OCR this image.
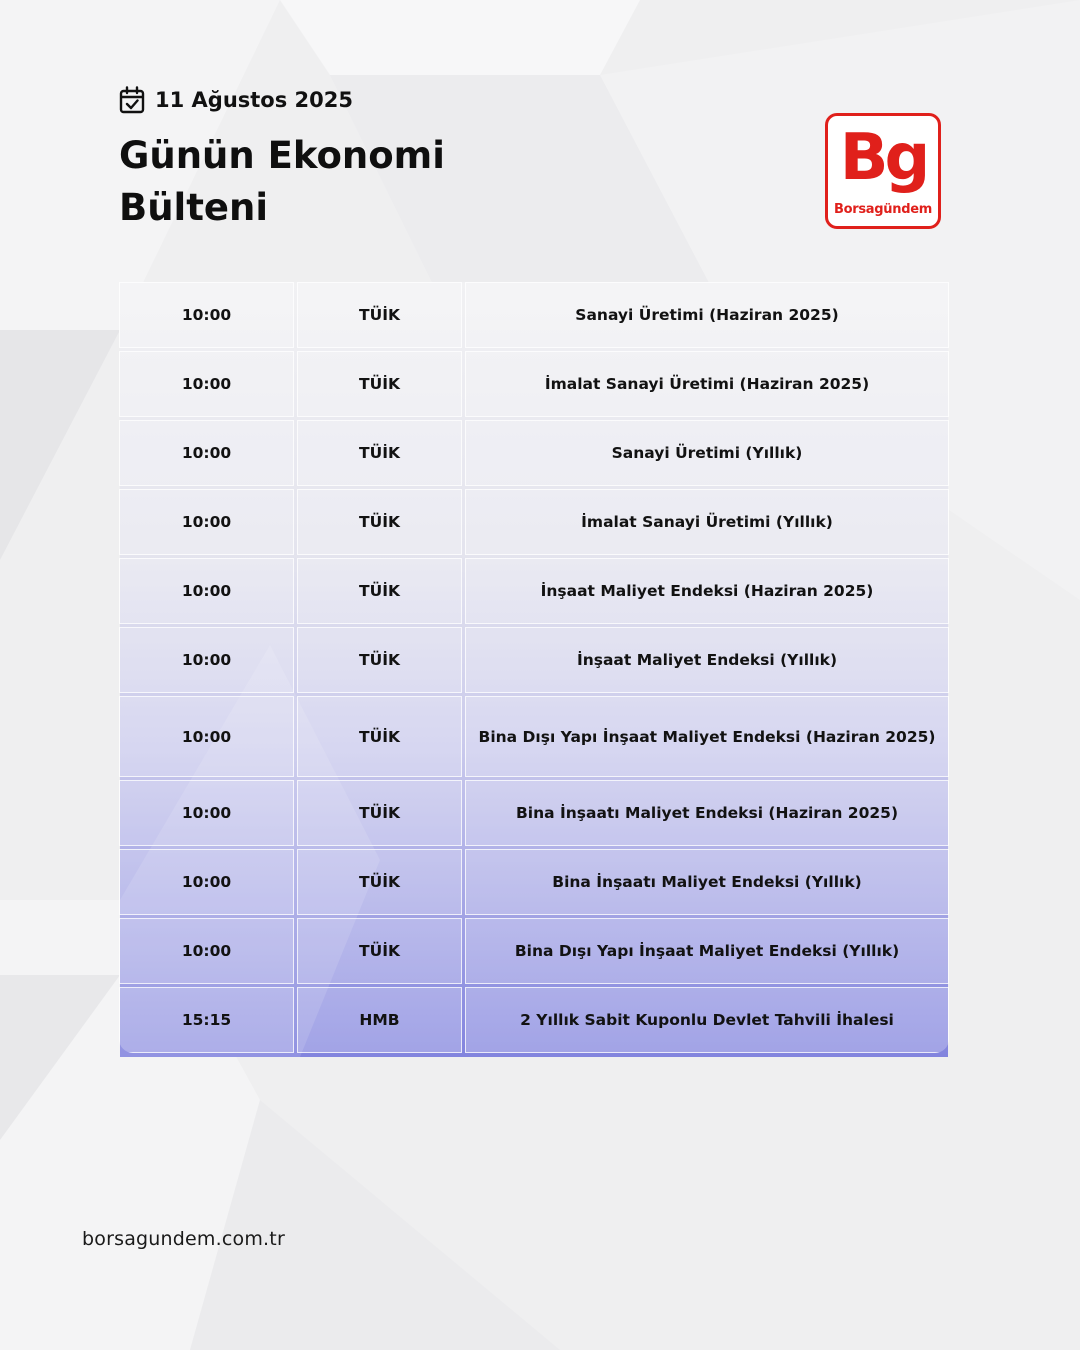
11 Ağustos 2025
Günün Ekonomi
Bülteni
Bg
Borsagündem
10:00	TÜİK	Sanayi Üretimi (Haziran 2025)
10:00	TÜİK	İmalat Sanayi Üretimi (Haziran 2025)
10:00	TÜİK	Sanayi Üretimi (Yıllık)
10:00	TÜİK	İmalat Sanayi Üretimi (Yıllık)
10:00	TÜİK	İnşaat Maliyet Endeksi (Haziran 2025)
10:00	TÜİK	İnşaat Maliyet Endeksi (Yıllık)
10:00	TÜİK	Bina Dışı Yapı İnşaat Maliyet Endeksi (Haziran 2025)
10:00	TÜİK	Bina İnşaatı Maliyet Endeksi (Haziran 2025)
10:00	TÜİK	Bina İnşaatı Maliyet Endeksi (Yıllık)
10:00	TÜİK	Bina Dışı Yapı İnşaat Maliyet Endeksi (Yıllık)
15:15	HMB	2 Yıllık Sabit Kuponlu Devlet Tahvili İhalesi
borsagundem.com.tr
